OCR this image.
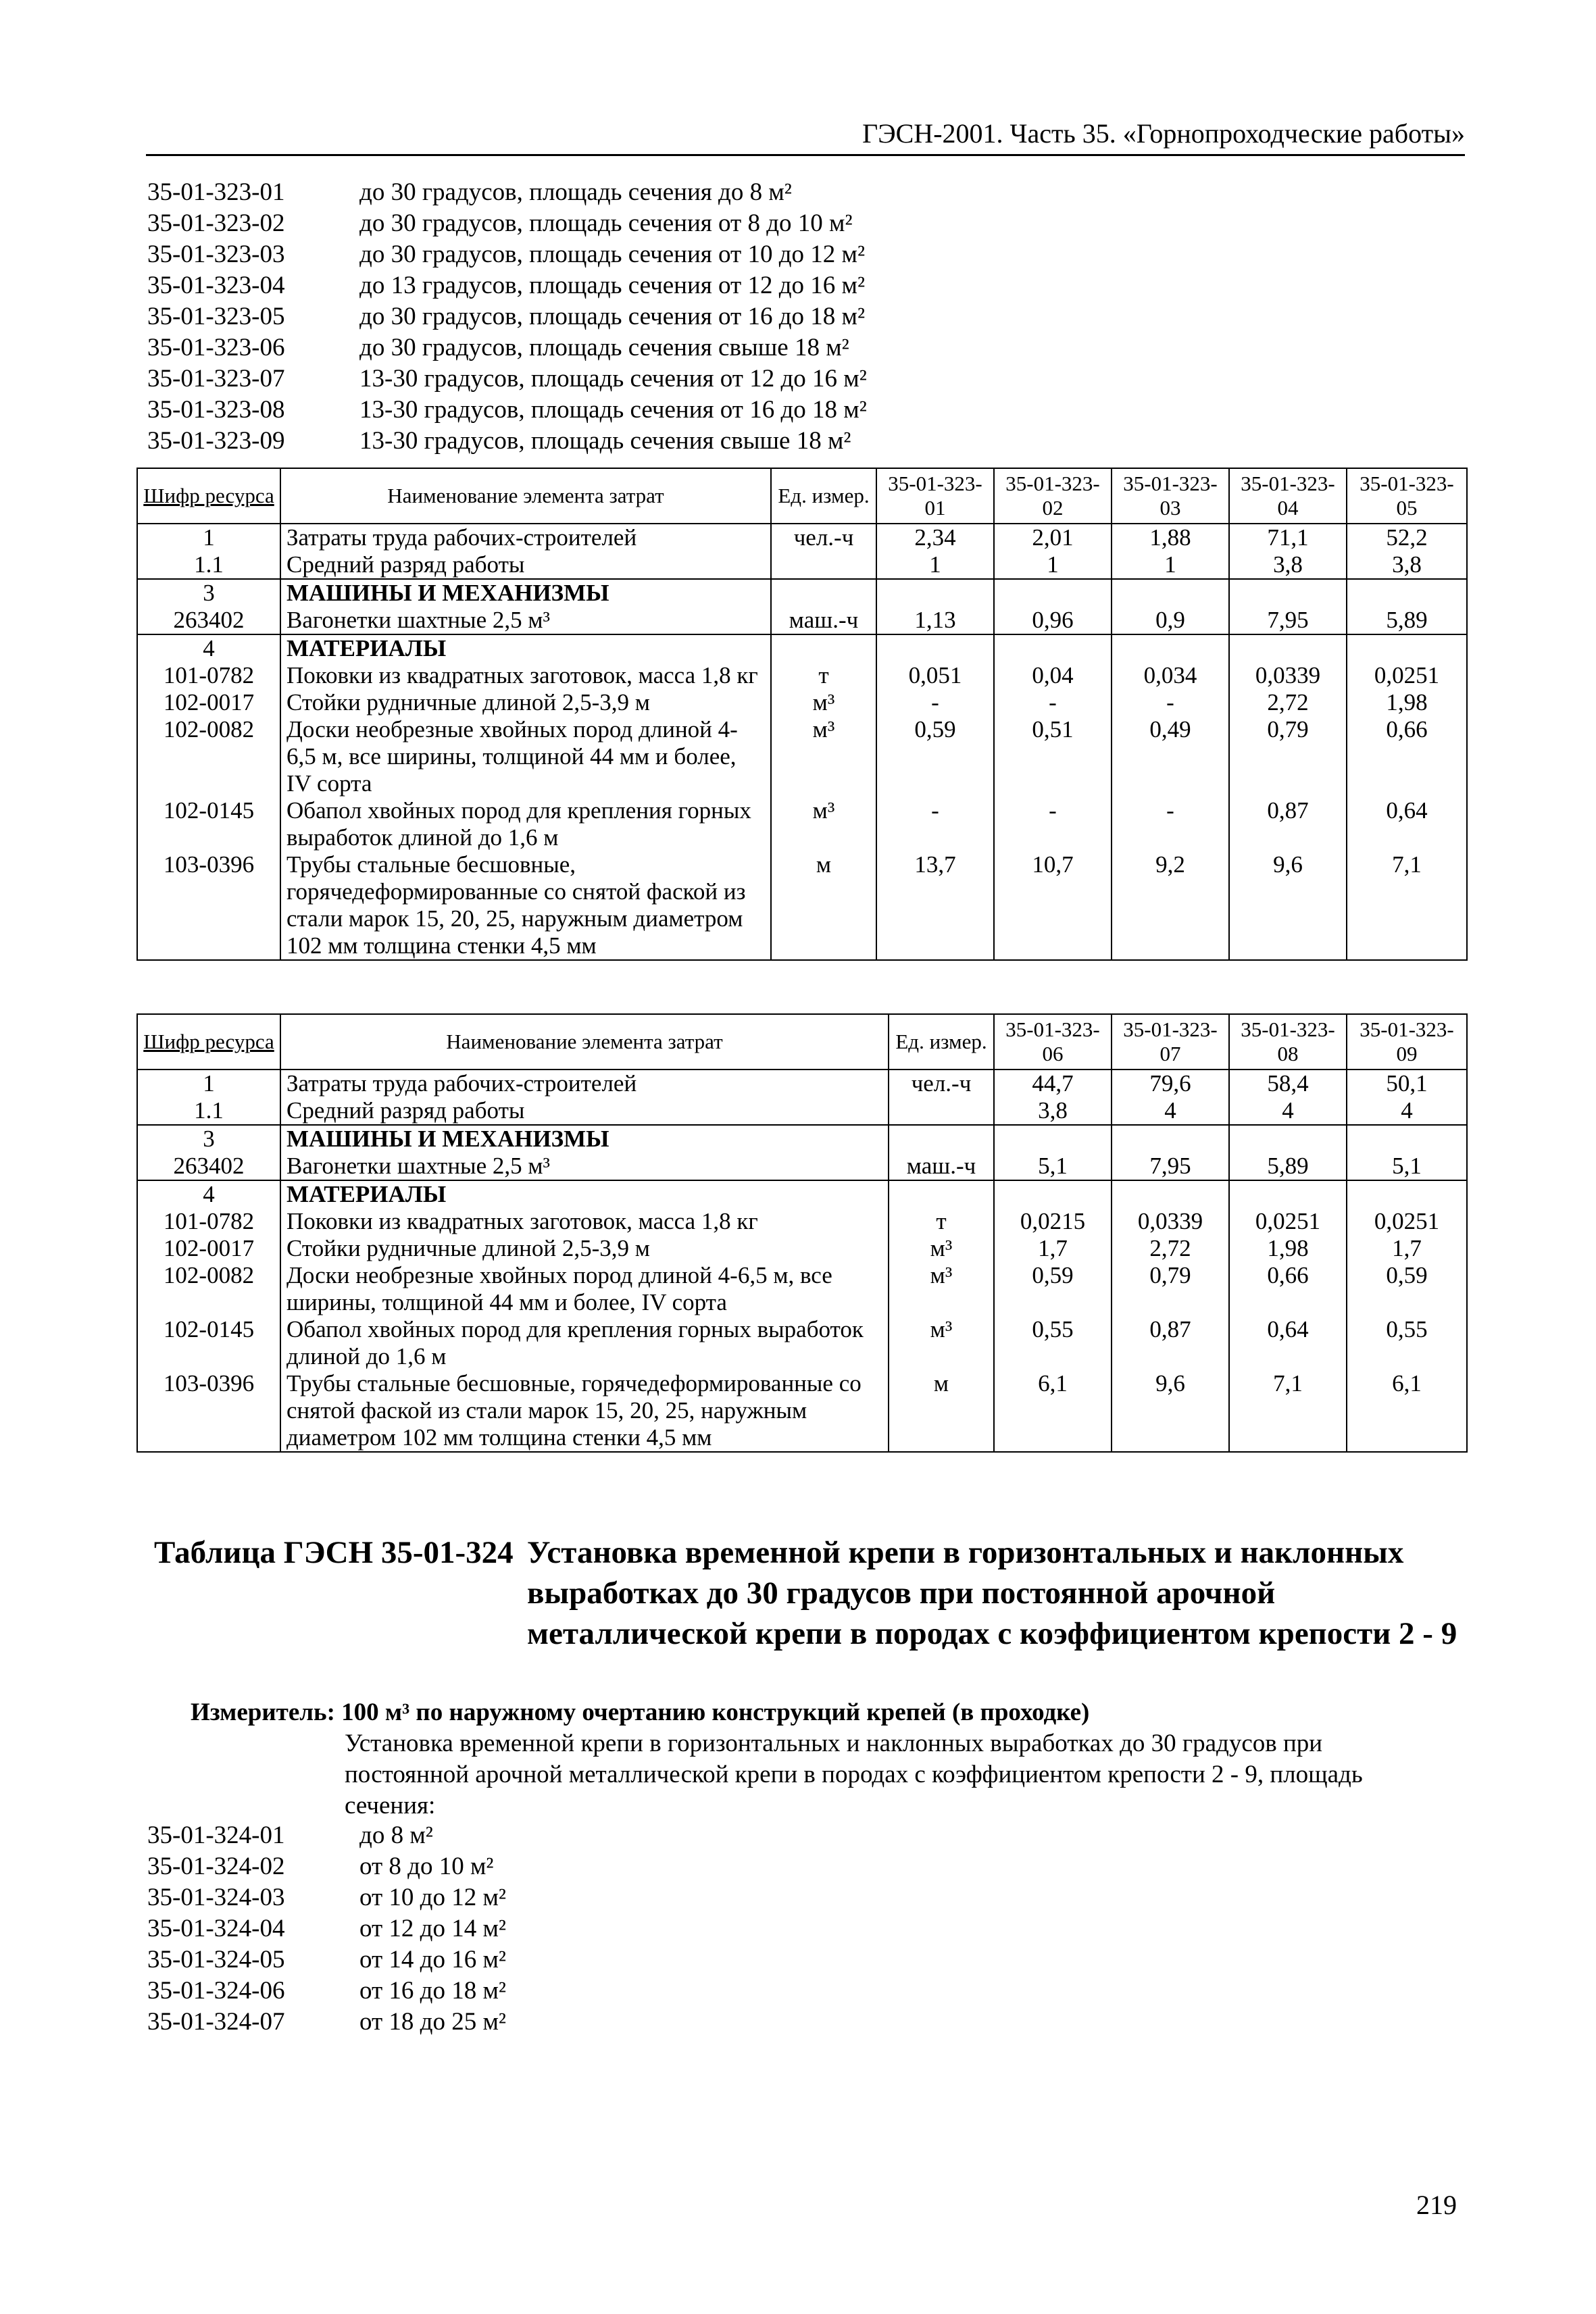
ГЭСН-2001. Часть 35. «Горнопроходческие работы»
35-01-323-01	до 30 градусов, площадь сечения до 8 м²
35-01-323-02	до 30 градусов, площадь сечения от 8 до 10 м²
35-01-323-03	до 30 градусов, площадь сечения от 10 до 12 м²
35-01-323-04	до 13 градусов, площадь сечения от 12 до 16 м²
35-01-323-05	до 30 градусов, площадь сечения от 16 до 18 м²
35-01-323-06	до 30 градусов, площадь сечения свыше 18 м²
35-01-323-07	13-30 градусов, площадь сечения от 12 до 16 м²
35-01-323-08	13-30 градусов, площадь сечения от 16 до 18 м²
35-01-323-09	13-30 градусов, площадь сечения свыше 18 м²
Шифр ресурса	Наименование элемента затрат	Ед. измер.	35-01-323-01	35-01-323-02	35-01-323-03	35-01-323-04	35-01-323-05
1	Затраты труда рабочих-строителей	чел.-ч	2,34	2,01	1,88	71,1	52,2
1.1	Средний разряд работы		1	1	1	3,8	3,8
3	МАШИНЫ И МЕХАНИЗМЫ						
263402	Вагонетки шахтные 2,5 м³	маш.-ч	1,13	0,96	0,9	7,95	5,89
4	МАТЕРИАЛЫ						
101-0782	Поковки из квадратных заготовок, масса 1,8 кг	т	0,051	0,04	0,034	0,0339	0,0251
102-0017	Стойки рудничные длиной 2,5-3,9 м	м³	-	-	-	2,72	1,98
102-0082	Доски необрезные хвойных пород длиной 4-6,5 м, все ширины, толщиной 44 мм и более, IV сорта	м³	0,59	0,51	0,49	0,79	0,66
102-0145	Обапол хвойных пород для крепления горных выработок длиной до 1,6 м	м³	-	-	-	0,87	0,64
103-0396	Трубы стальные бесшовные, горячедеформированные со снятой фаской из стали марок 15, 20, 25, наружным диаметром 102 мм толщина стенки 4,5 мм	м	13,7	10,7	9,2	9,6	7,1
Шифр ресурса	Наименование элемента затрат	Ед. измер.	35-01-323-06	35-01-323-07	35-01-323-08	35-01-323-09
1	Затраты труда рабочих-строителей	чел.-ч	44,7	79,6	58,4	50,1
1.1	Средний разряд работы		3,8	4	4	4
3	МАШИНЫ И МЕХАНИЗМЫ					
263402	Вагонетки шахтные 2,5 м³	маш.-ч	5,1	7,95	5,89	5,1
4	МАТЕРИАЛЫ					
101-0782	Поковки из квадратных заготовок, масса 1,8 кг	т	0,0215	0,0339	0,0251	0,0251
102-0017	Стойки рудничные длиной 2,5-3,9 м	м³	1,7	2,72	1,98	1,7
102-0082	Доски необрезные хвойных пород длиной 4-6,5 м, все ширины, толщиной 44 мм и более, IV сорта	м³	0,59	0,79	0,66	0,59
102-0145	Обапол хвойных пород для крепления горных выработок длиной до 1,6 м	м³	0,55	0,87	0,64	0,55
103-0396	Трубы стальные бесшовные, горячедеформированные со снятой фаской из стали марок 15, 20, 25, наружным диаметром 102 мм толщина стенки 4,5 мм	м	6,1	9,6	7,1	6,1
Таблица ГЭСН 35-01-324 Установка временной крепи в горизонтальных и наклонных выработках до 30 градусов при постоянной арочной металлической крепи в породах с коэффициентом крепости 2 - 9
Измеритель: 100 м³ по наружному очертанию конструкций крепей (в проходке)
Установка временной крепи в горизонтальных и наклонных выработках до 30 градусов при постоянной арочной металлической крепи в породах с коэффициентом крепости 2 - 9, площадь сечения:
35-01-324-01	до 8 м²
35-01-324-02	от 8 до 10 м²
35-01-324-03	от 10 до 12 м²
35-01-324-04	от 12 до 14 м²
35-01-324-05	от 14 до 16 м²
35-01-324-06	от 16 до 18 м²
35-01-324-07	от 18 до 25 м²
219
